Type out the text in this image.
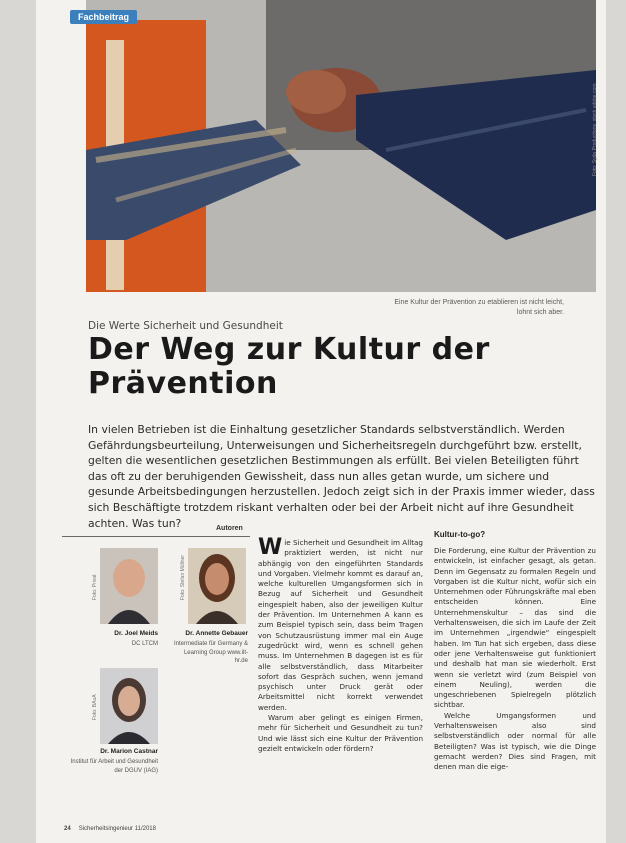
Fachbeitrag
Foto: Syda Productions, stock.adobe.com
Eine Kultur der Prävention zu etablieren ist nicht leicht, lohnt sich aber.
Die Werte Sicherheit und Gesundheit
Der Weg zur Kultur der Prävention
In vielen Betrieben ist die Einhaltung gesetzlicher Standards selbstverständlich. Werden Gefährdungsbeurteilung, Unterweisungen und Sicherheitsregeln durchgeführt bzw. erstellt, gelten die wesentlichen gesetzlichen Bestimmungen als erfüllt. Bei vielen Beteiligten führt das oft zu der beruhigenden Gewissheit, dass nun alles getan wurde, um sichere und gesunde Arbeitsbedingungen herzustellen. Jedoch zeigt sich in der Praxis immer wieder, dass sich Beschäftigte trotzdem riskant verhalten oder bei der Arbeit nicht auf ihre Gesundheit achten. Was tun?	Autoren
Foto: Privat
Dr. Joel Meids
DC LTCM
Foto: Stefan Müllner
Dr. Annette Gebauer
Intermediate für Germany & Learning Group www.ilt-hr.de
Foto: BAuA
Dr. Marion Castnar
Institut für Arbeit und Gesundheit der DGUV (IAG)
Wie Sicherheit und Gesundheit im Alltag praktiziert werden, ist nicht nur abhängig von den eingeführten Standards und Vorgaben. Vielmehr kommt es darauf an, welche kulturellen Umgangsformen sich in Bezug auf Sicherheit und Gesundheit eingespielt haben, also der jeweiligen Kultur der Prävention. Im Unternehmen A kann es zum Beispiel typisch sein, dass beim Tragen von Schutzausrüstung immer mal ein Auge zugedrückt wird, wenn es schnell gehen muss. Im Unternehmen B dagegen ist es für alle selbstverständlich, dass Mitarbeiter sofort das Gespräch suchen, wenn jemand psychisch unter Druck gerät oder Arbeitsmittel nicht korrekt verwendet werden.
Warum aber gelingt es einigen Firmen, mehr für Sicherheit und Gesundheit zu tun? Und wie lässt sich eine Kultur der Prävention gezielt entwickeln oder fördern?
Kultur-to-go?
Die Forderung, eine Kultur der Prävention zu entwickeln, ist einfacher gesagt, als getan. Denn im Gegensatz zu formalen Regeln und Vorgaben ist die Kultur nicht, wofür sich ein Unternehmen oder Führungskräfte mal eben entscheiden können. Eine Unternehmenskultur – das sind die Verhaltensweisen, die sich im Laufe der Zeit im Unternehmen „irgendwie“ eingespielt haben. Im Tun hat sich ergeben, dass diese oder jene Verhaltensweise gut funktioniert und deshalb hat man sie wiederholt. Erst wenn sie verletzt wird (zum Beispiel von einem Neuling), werden die ungeschriebenen Spielregeln plötzlich sichtbar.
Welche Umgangsformen und Verhaltensweisen also sind selbstverständlich oder normal für alle Beteiligten? Was ist typisch, wie die Dinge gemacht werden? Dies sind Fragen, mit denen man die eige-
24 Sicherheitsingenieur 11/2018
